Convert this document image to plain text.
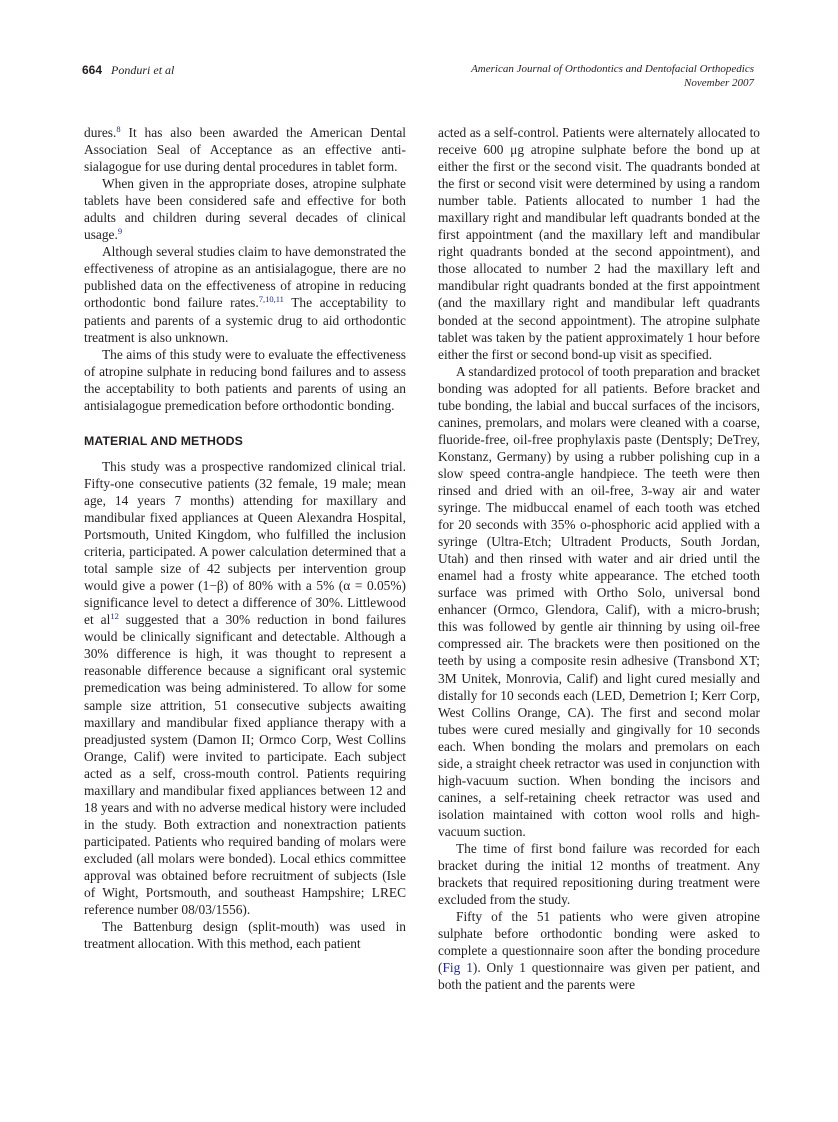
664 Ponduri et al	American Journal of Orthodontics and Dentofacial Orthopedics
November 2007

dures.$^8$ It has also been awarded the American Dental Association Seal of Acceptance as an effective anti-sialagogue for use during dental procedures in tablet form.

When given in the appropriate doses, atropine sulphate tablets have been considered safe and effective for both adults and children during several decades of clinical usage.$^9$

Although several studies claim to have demonstrated the effectiveness of atropine as an antisialagogue, there are no published data on the effectiveness of atropine in reducing orthodontic bond failure rates.$^{7,10,11}$ The acceptability to patients and parents of a systemic drug to aid orthodontic treatment is also unknown.

The aims of this study were to evaluate the effectiveness of atropine sulphate in reducing bond failures and to assess the acceptability to both patients and parents of using an antisialagogue premedication before orthodontic bonding.

MATERIAL AND METHODS

This study was a prospective randomized clinical trial. Fifty-one consecutive patients (32 female, 19 male; mean age, 14 years 7 months) attending for maxillary and mandibular fixed appliances at Queen Alexandra Hospital, Portsmouth, United Kingdom, who fulfilled the inclusion criteria, participated. A power calculation determined that a total sample size of 42 subjects per intervention group would give a power (1−β) of 80% with a 5% (α = 0.05%) significance level to detect a difference of 30%. Littlewood et $al^{12}$ suggested that a 30% reduction in bond failures would be clinically significant and detectable. Although a 30% difference is high, it was thought to represent a reasonable difference because a significant oral systemic premedication was being administered. To allow for some sample size attrition, 51 consecutive subjects awaiting maxillary and mandibular fixed appliance therapy with a preadjusted system (Damon II; Ormco Corp, West Collins Orange, Calif) were invited to participate. Each subject acted as a self, cross-mouth control. Patients requiring maxillary and mandibular fixed appliances between 12 and 18 years and with no adverse medical history were included in the study. Both extraction and nonextraction patients participated. Patients who required banding of molars were excluded (all molars were bonded). Local ethics committee approval was obtained before recruitment of subjects (Isle of Wight, Portsmouth, and southeast Hampshire; LREC reference number 08/03/1556).

The Battenburg design (split-mouth) was used in treatment allocation. With this method, each patient

acted as a self-control. Patients were alternately allocated to receive 600 μg atropine sulphate before the bond up at either the first or the second visit. The quadrants bonded at the first or second visit were determined by using a random number table. Patients allocated to number 1 had the maxillary right and mandibular left quadrants bonded at the first appointment (and the maxillary left and mandibular right quadrants bonded at the second appointment), and those allocated to number 2 had the maxillary left and mandibular right quadrants bonded at the first appointment (and the maxillary right and mandibular left quadrants bonded at the second appointment). The atropine sulphate tablet was taken by the patient approximately 1 hour before either the first or second bond-up visit as specified.

A standardized protocol of tooth preparation and bracket bonding was adopted for all patients. Before bracket and tube bonding, the labial and buccal surfaces of the incisors, canines, premolars, and molars were cleaned with a coarse, fluoride-free, oil-free prophylaxis paste (Dentsply; DeTrey, Konstanz, Germany) by using a rubber polishing cup in a slow speed contra-angle handpiece. The teeth were then rinsed and dried with an oil-free, 3-way air and water syringe. The midbuccal enamel of each tooth was etched for 20 seconds with 35% o-phosphoric acid applied with a syringe (Ultra-Etch; Ultradent Products, South Jordan, Utah) and then rinsed with water and air dried until the enamel had a frosty white appearance. The etched tooth surface was primed with Ortho Solo, universal bond enhancer (Ormco, Glendora, Calif), with a micro-brush; this was followed by gentle air thinning by using oil-free compressed air. The brackets were then positioned on the teeth by using a composite resin adhesive (Transbond XT; 3M Unitek, Monrovia, Calif) and light cured mesially and distally for 10 seconds each (LED, Demetrion I; Kerr Corp, West Collins Orange, CA). The first and second molar tubes were cured mesially and gingivally for 10 seconds each. When bonding the molars and premolars on each side, a straight cheek retractor was used in conjunction with high-vacuum suction. When bonding the incisors and canines, a self-retaining cheek retractor was used and isolation maintained with cotton wool rolls and high-vacuum suction.

The time of first bond failure was recorded for each bracket during the initial 12 months of treatment. Any brackets that required repositioning during treatment were excluded from the study.

Fifty of the 51 patients who were given atropine sulphate before orthodontic bonding were asked to complete a questionnaire soon after the bonding procedure (Fig 1). Only 1 questionnaire was given per patient, and both the patient and the parents were
